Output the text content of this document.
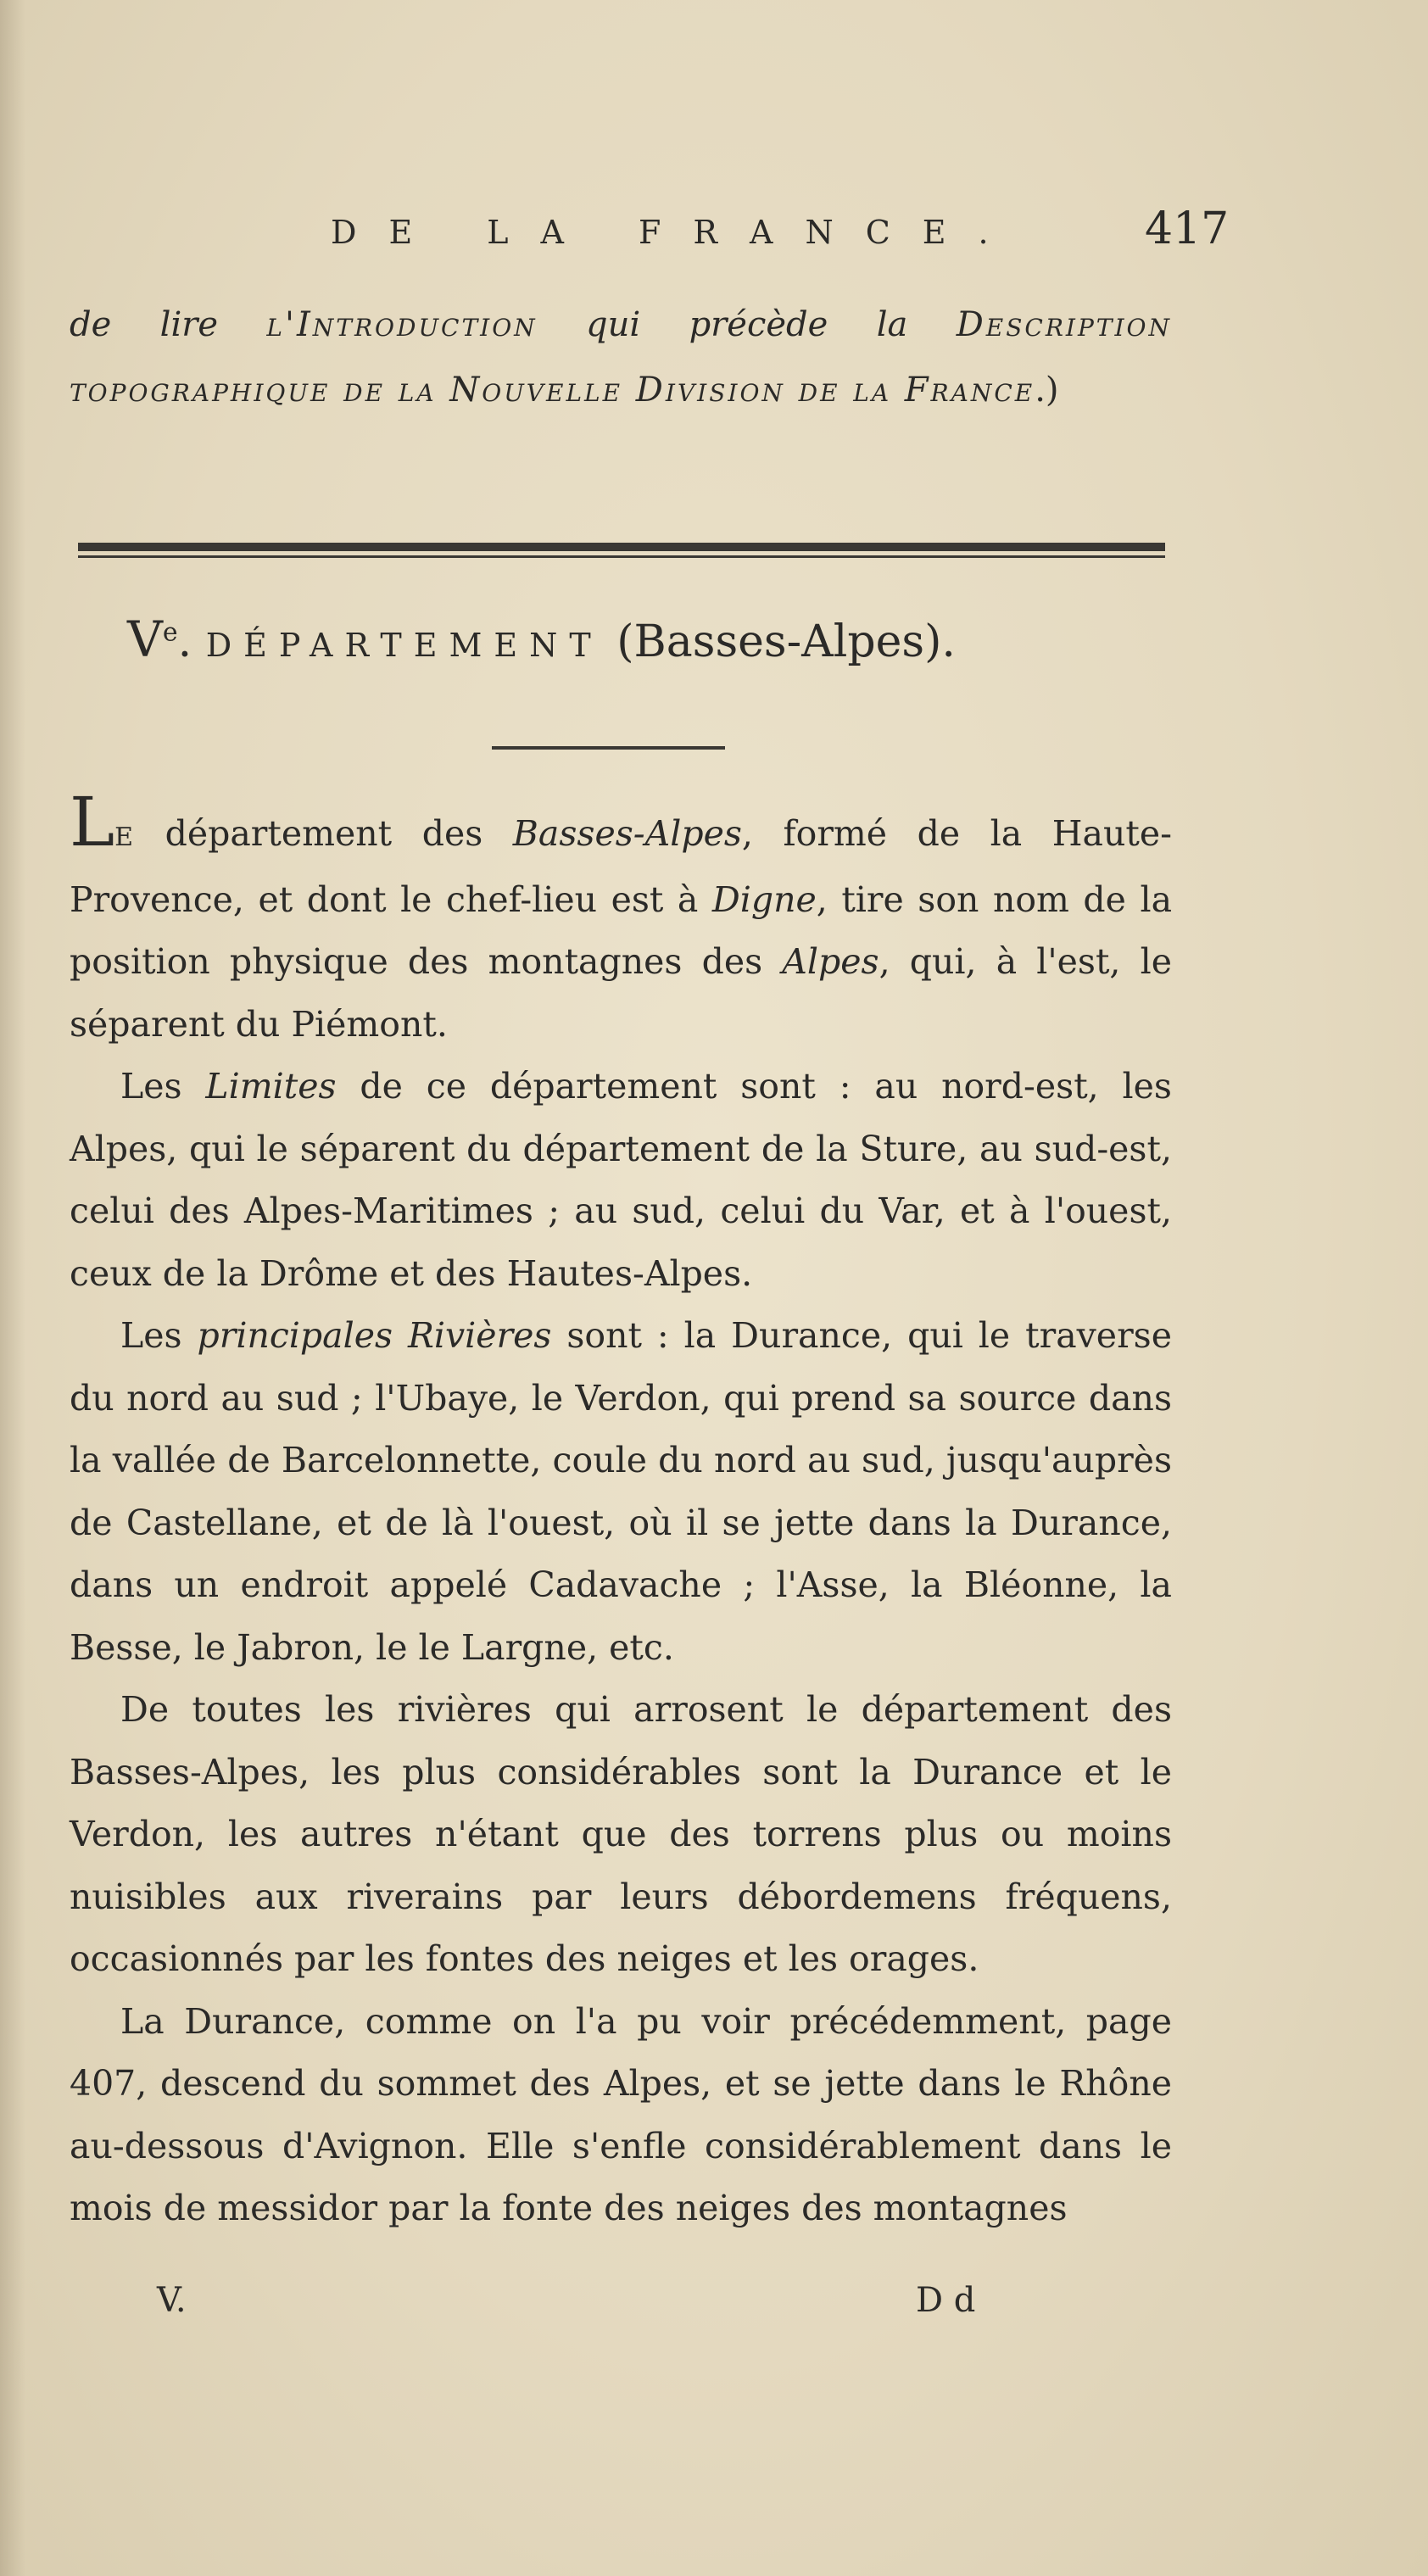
DE LA FRANCE.	417
de lire l'Introduction qui précède la Description topographique de la Nouvelle Division de la France.)
Ve. DÉPARTEMENT (Basses-Alpes).

LE département des Basses-Alpes, formé de la Haute-Provence, et dont le chef-lieu est à Digne, tire son nom de la position physique des montagnes des Alpes, qui, à l'est, le séparent du Piémont.

Les Limites de ce département sont : au nord-est, les Alpes, qui le séparent du département de la Sture, au sud-est, celui des Alpes-Maritimes ; au sud, celui du Var, et à l'ouest, ceux de la Drôme et des Hautes-Alpes.

Les principales Rivières sont : la Durance, qui le traverse du nord au sud ; l'Ubaye, le Verdon, qui prend sa source dans la vallée de Barcelonnette, coule du nord au sud, jusqu'auprès de Castellane, et de là l'ouest, où il se jette dans la Durance, dans un endroit appelé Cadavache ; l'Asse, la Bléonne, la Besse, le Jabron, le le Largne, etc.

De toutes les rivières qui arrosent le département des Basses-Alpes, les plus considérables sont la Durance et le Verdon, les autres n'étant que des torrens plus ou moins nuisibles aux riverains par leurs débordemens fréquens, occasionnés par les fontes des neiges et les orages.

La Durance, comme on l'a pu voir précédemment, page 407, descend du sommet des Alpes, et se jette dans le Rhône au-dessous d'Avignon. Elle s'enfle considérablement dans le mois de messidor par la fonte des neiges des montagnes

V.	D d
